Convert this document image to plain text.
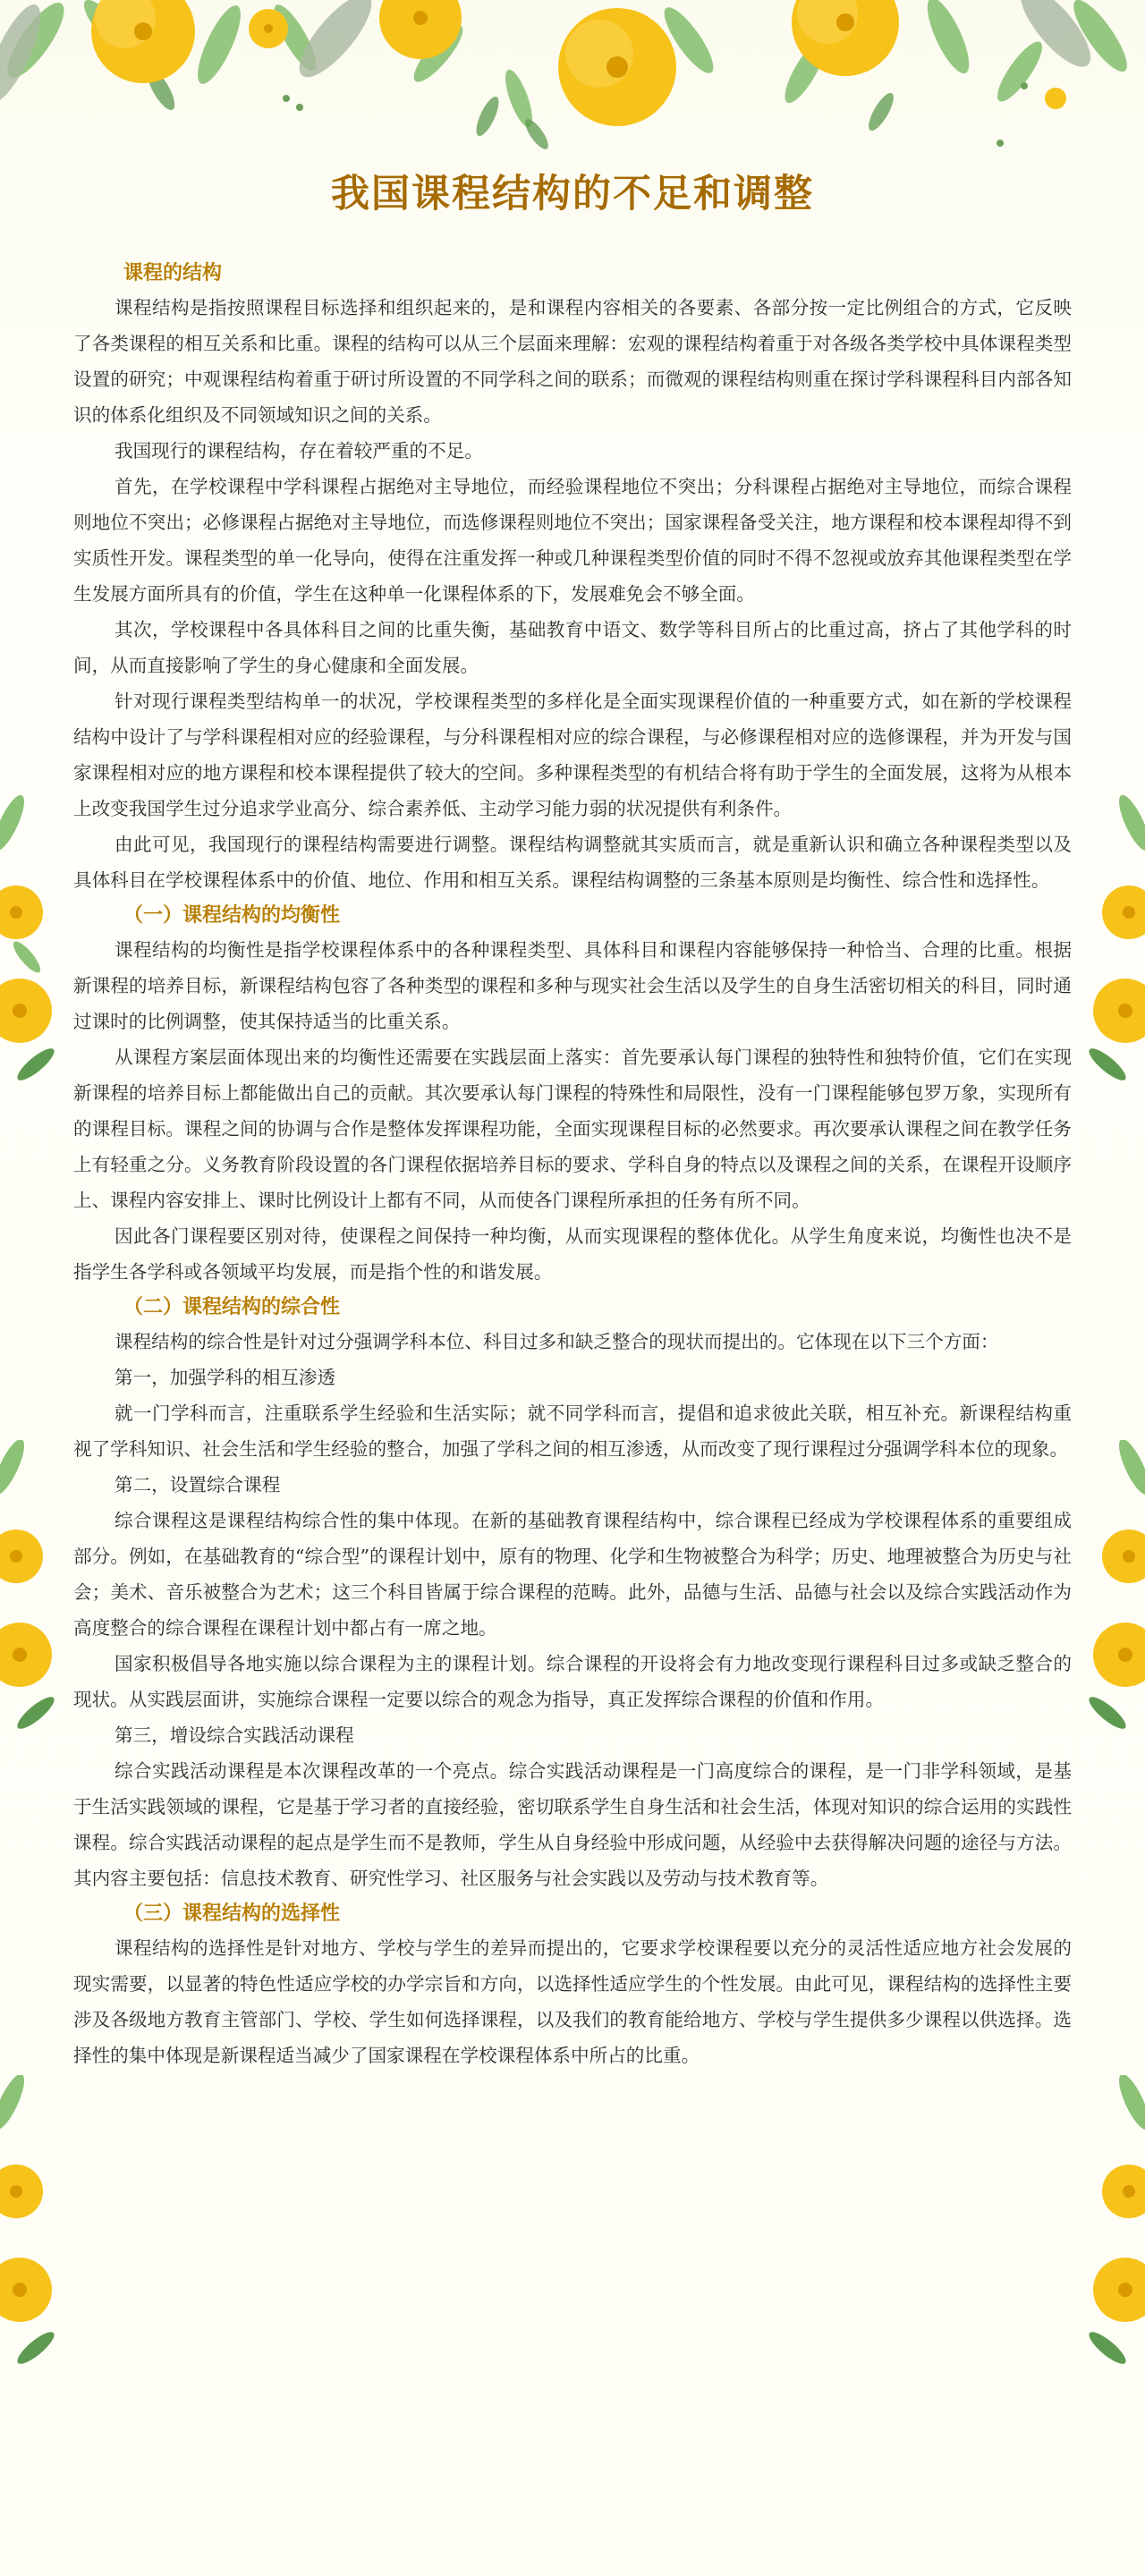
我国课程结构的不足和调整
课程的结构

课程结构是指按照课程目标选择和组织起来的，是和课程内容相关的各要素、各部分按一定比例组合的方式，它反映了各类课程的相互关系和比重。课程的结构可以从三个层面来理解：宏观的课程结构着重于对各级各类学校中具体课程类型设置的研究；中观课程结构着重于研讨所设置的不同学科之间的联系；而微观的课程结构则重在探讨学科课程科目内部各知识的体系化组织及不同领域知识之间的关系。

我国现行的课程结构，存在着较严重的不足。

首先，在学校课程中学科课程占据绝对主导地位，而经验课程地位不突出；分科课程占据绝对主导地位，而综合课程则地位不突出；必修课程占据绝对主导地位，而选修课程则地位不突出；国家课程备受关注，地方课程和校本课程却得不到实质性开发。课程类型的单一化导向，使得在注重发挥一种或几种课程类型价值的同时不得不忽视或放弃其他课程类型在学生发展方面所具有的价值，学生在这种单一化课程体系的下，发展难免会不够全面。

其次，学校课程中各具体科目之间的比重失衡，基础教育中语文、数学等科目所占的比重过高，挤占了其他学科的时间，从而直接影响了学生的身心健康和全面发展。

针对现行课程类型结构单一的状况，学校课程类型的多样化是全面实现课程价值的一种重要方式，如在新的学校课程结构中设计了与学科课程相对应的经验课程，与分科课程相对应的综合课程，与必修课程相对应的选修课程，并为开发与国家课程相对应的地方课程和校本课程提供了较大的空间。多种课程类型的有机结合将有助于学生的全面发展，这将为从根本上改变我国学生过分追求学业高分、综合素养低、主动学习能力弱的状况提供有利条件。

由此可见，我国现行的课程结构需要进行调整。课程结构调整就其实质而言，就是重新认识和确立各种课程类型以及具体科目在学校课程体系中的价值、地位、作用和相互关系。课程结构调整的三条基本原则是均衡性、综合性和选择性。

（一）课程结构的均衡性

课程结构的均衡性是指学校课程体系中的各种课程类型、具体科目和课程内容能够保持一种恰当、合理的比重。根据新课程的培养目标，新课程结构包容了各种类型的课程和多种与现实社会生活以及学生的自身生活密切相关的科目，同时通过课时的比例调整，使其保持适当的比重关系。

从课程方案层面体现出来的均衡性还需要在实践层面上落实：首先要承认每门课程的独特性和独特价值，它们在实现新课程的培养目标上都能做出自己的贡献。其次要承认每门课程的特殊性和局限性，没有一门课程能够包罗万象，实现所有的课程目标。课程之间的协调与合作是整体发挥课程功能，全面实现课程目标的必然要求。再次要承认课程之间在教学任务上有轻重之分。义务教育阶段设置的各门课程依据培养目标的要求、学科自身的特点以及课程之间的关系，在课程开设顺序上、课程内容安排上、课时比例设计上都有不同，从而使各门课程所承担的任务有所不同。

因此各门课程要区别对待，使课程之间保持一种均衡，从而实现课程的整体优化。从学生角度来说，均衡性也决不是指学生各学科或各领域平均发展，而是指个性的和谐发展。

（二）课程结构的综合性

课程结构的综合性是针对过分强调学科本位、科目过多和缺乏整合的现状而提出的。它体现在以下三个方面：

第一，加强学科的相互渗透

就一门学科而言，注重联系学生经验和生活实际；就不同学科而言，提倡和追求彼此关联，相互补充。新课程结构重视了学科知识、社会生活和学生经验的整合，加强了学科之间的相互渗透，从而改变了现行课程过分强调学科本位的现象。

第二，设置综合课程

综合课程这是课程结构综合性的集中体现。在新的基础教育课程结构中，综合课程已经成为学校课程体系的重要组成部分。例如，在基础教育的“综合型”的课程计划中，原有的物理、化学和生物被整合为科学；历史、地理被整合为历史与社会；美术、音乐被整合为艺术；这三个科目皆属于综合课程的范畴。此外，品德与生活、品德与社会以及综合实践活动作为高度整合的综合课程在课程计划中都占有一席之地。

国家积极倡导各地实施以综合课程为主的课程计划。综合课程的开设将会有力地改变现行课程科目过多或缺乏整合的现状。从实践层面讲，实施综合课程一定要以综合的观念为指导，真正发挥综合课程的价值和作用。

第三，增设综合实践活动课程

综合实践活动课程是本次课程改革的一个亮点。综合实践活动课程是一门高度综合的课程，是一门非学科领域，是基于生活实践领域的课程，它是基于学习者的直接经验，密切联系学生自身生活和社会生活，体现对知识的综合运用的实践性课程。综合实践活动课程的起点是学生而不是教师，学生从自身经验中形成问题，从经验中去获得解决问题的途径与方法。其内容主要包括：信息技术教育、研究性学习、社区服务与社会实践以及劳动与技术教育等。

（三）课程结构的选择性

课程结构的选择性是针对地方、学校与学生的差异而提出的，它要求学校课程要以充分的灵活性适应地方社会发展的现实需要，以显著的特色性适应学校的办学宗旨和方向，以选择性适应学生的个性发展。由此可见，课程结构的选择性主要涉及各级地方教育主管部门、学校、学生如何选择课程，以及我们的教育能给地方、学校与学生提供多少课程以供选择。选择性的集中体现是新课程适当减少了国家课程在学校课程体系中所占的比重。
